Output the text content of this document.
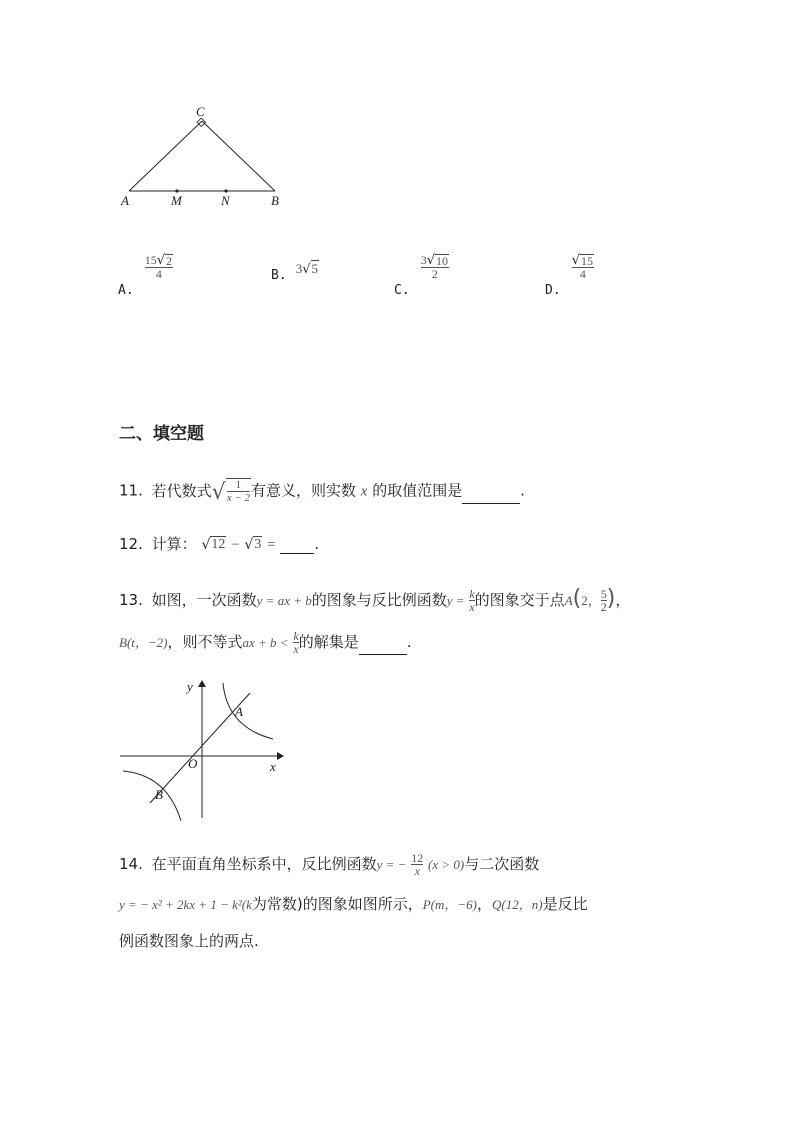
C
A	M	N	B
$_{A.}$
$\frac{15 √ 2}{4}$	$_{B.}$ 3 √ 5
$_{C.}$
$\frac{3 √ 10}{2}$
$_{D.}$
$\frac{√ 15}{4}$
二、填空题
11. 若代数式 √ $\frac{1}{x - 2}$ 有意义，则实数 x 的取值范围是	.
12. 计算： √ 12 − √ 3 =	.
13. 如图，一次函数y = ax + b的图象与反比例函数$y = \frac{k}{x}$ 的图象交于点A(2， $\frac{5}{2}$ )，
B(t，−2)，则不等式ax + $b < \frac{k}{x}$ 的解集是	.
y
x
O
A
B
14. 在平面直角坐标系中，反比例函数y = − $\frac{12}{x} (x > 0)$与二次函数
y = − x² + 2kx + 1 − k²(k为常数)的图象如图所示，P(m，−6)，Q(12，n)是反比
例函数图象上的两点.
